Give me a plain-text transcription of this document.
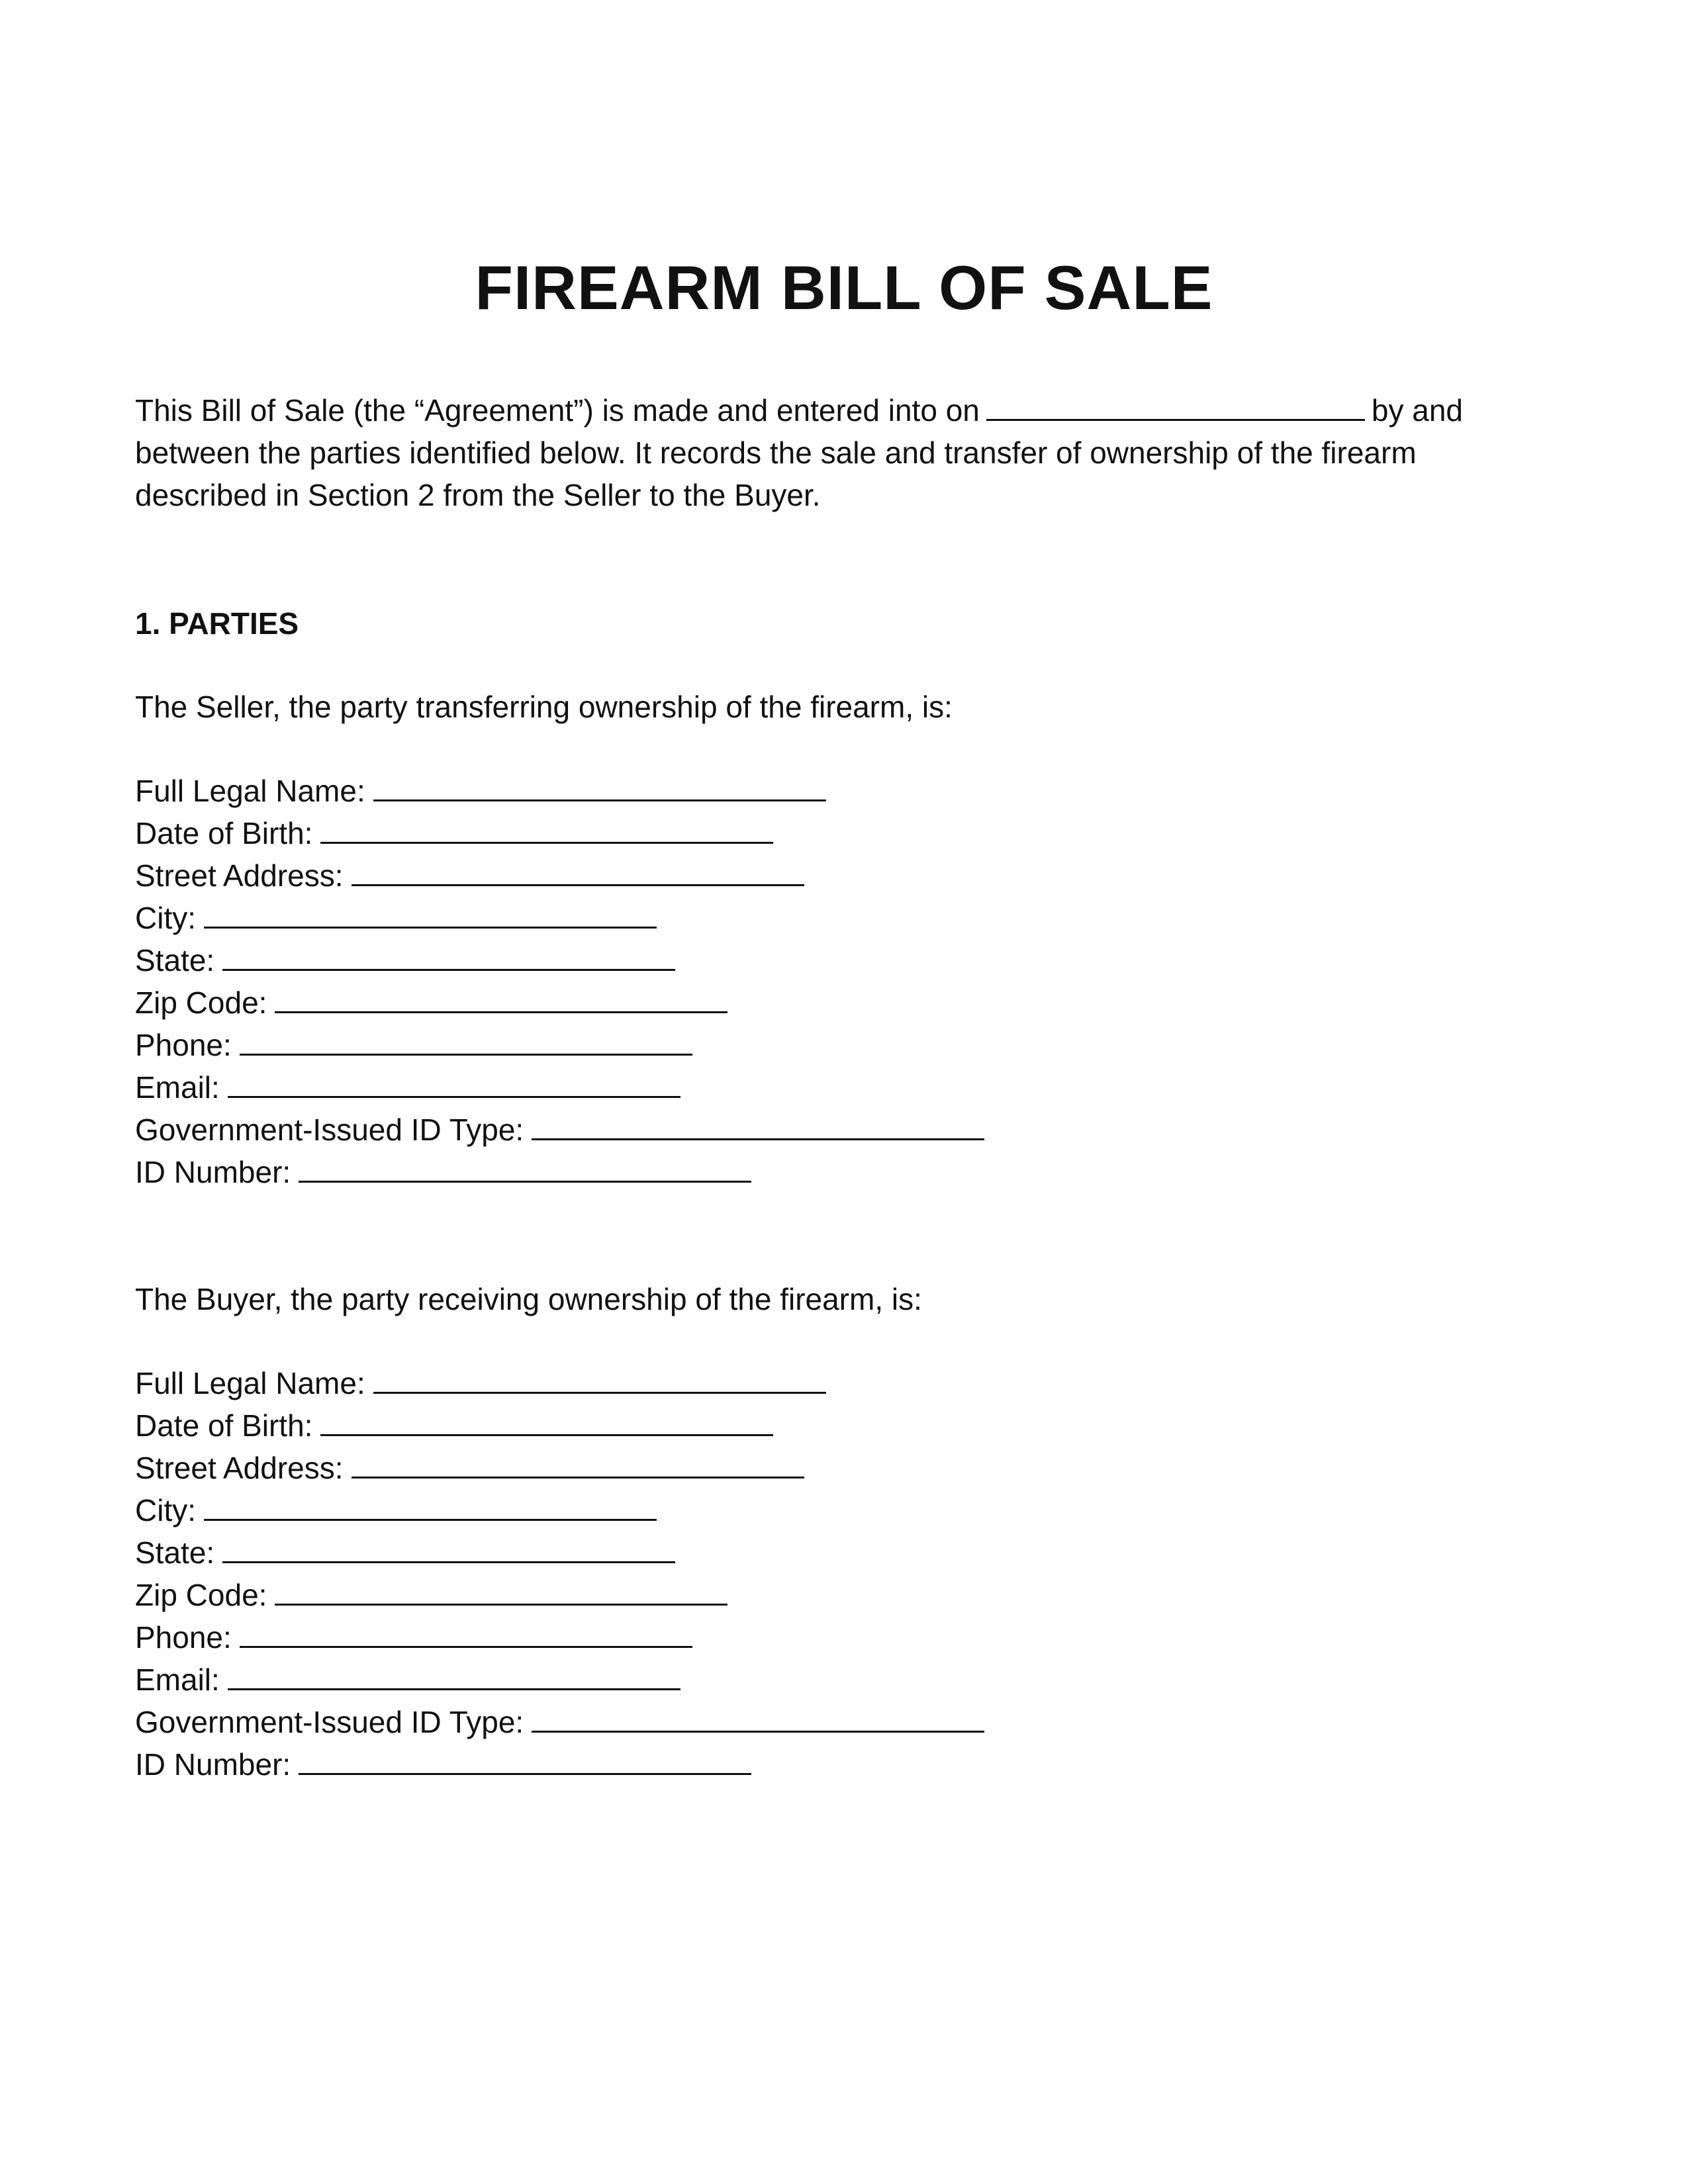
FIREARM BILL OF SALE

This Bill of Sale (the “Agreement”) is made and entered into on	by and
between the parties identified below. It records the sale and transfer of ownership of the firearm
described in Section 2 from the Seller to the Buyer.

1. PARTIES

The Seller, the party transferring ownership of the firearm, is:

Full Legal Name:
Date of Birth:
Street Address:
City:
State:
Zip Code:
Phone:
Email:
Government-Issued ID Type:
ID Number:

The Buyer, the party receiving ownership of the firearm, is:

Full Legal Name:
Date of Birth:
Street Address:
City:
State:
Zip Code:
Phone:
Email:
Government-Issued ID Type:
ID Number:
